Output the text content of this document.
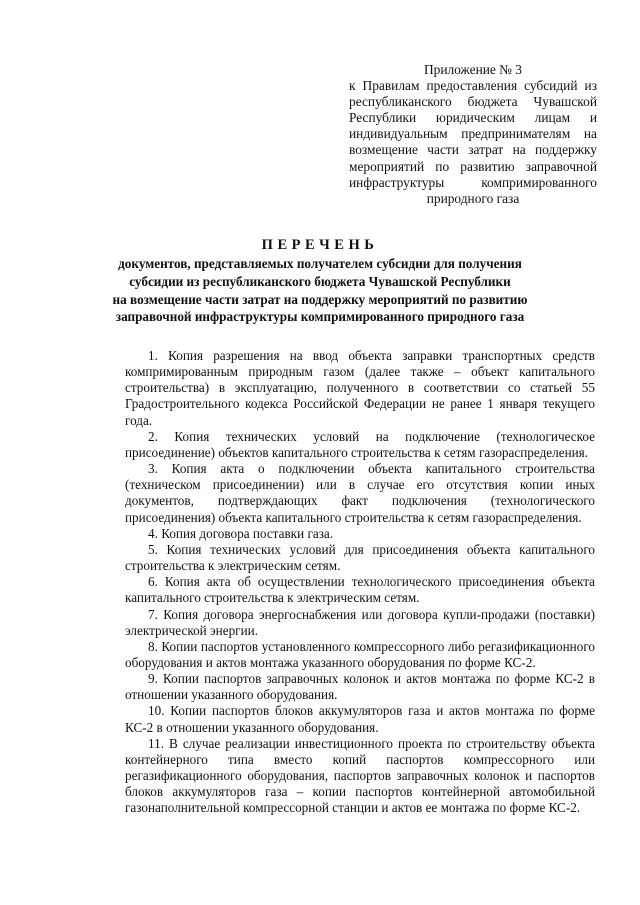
Приложение № 3
к Правилам предоставления субсидий из республиканского бюджета Чувашской Республики юридическим лицам и индивидуальным предпринимателям на возмещение части затрат на поддержку мероприятий по развитию заправочной инфраструктуры компримированного
природного газа
ПЕРЕЧЕНЬ
документов, представляемых получателем субсидии для получения
субсидии из республиканского бюджета Чувашской Республики
на возмещение части затрат на поддержку мероприятий по развитию
заправочной инфраструктуры компримированного природного газа

1. Копия разрешения на ввод объекта заправки транспортных средств компримированным природным газом (далее также – объект капитального строительства) в эксплуатацию, полученного в соответствии со статьей 55 Градостроительного кодекса Российской Федерации не ранее 1 января текущего года.

2. Копия технических условий на подключение (технологическое присоединение) объектов капитального строительства к сетям газораспределения.

3. Копия акта о подключении объекта капитального строительства (техническом присоединении) или в случае его отсутствия копии иных документов, подтверждающих факт подключения (технологического присоединения) объекта капитального строительства к сетям газораспределения.

4. Копия договора поставки газа.

5. Копия технических условий для присоединения объекта капитального строительства к электрическим сетям.

6. Копия акта об осуществлении технологического присоединения объекта капитального строительства к электрическим сетям.

7. Копия договора энергоснабжения или договора купли-продажи (поставки) электрической энергии.

8. Копии паспортов установленного компрессорного либо регазификационного оборудования и актов монтажа указанного оборудования по форме КС-2.

9. Копии паспортов заправочных колонок и актов монтажа по форме КС-2 в отношении указанного оборудования.

10. Копии паспортов блоков аккумуляторов газа и актов монтажа по форме КС-2 в отношении указанного оборудования.

11. В случае реализации инвестиционного проекта по строительству объекта контейнерного типа вместо копий паспортов компрессорного или регазификационного оборудования, паспортов заправочных колонок и паспортов блоков аккумуляторов газа – копии паспортов контейнерной автомобильной газонаполнительной компрессорной станции и актов ее монтажа по форме КС-2.
